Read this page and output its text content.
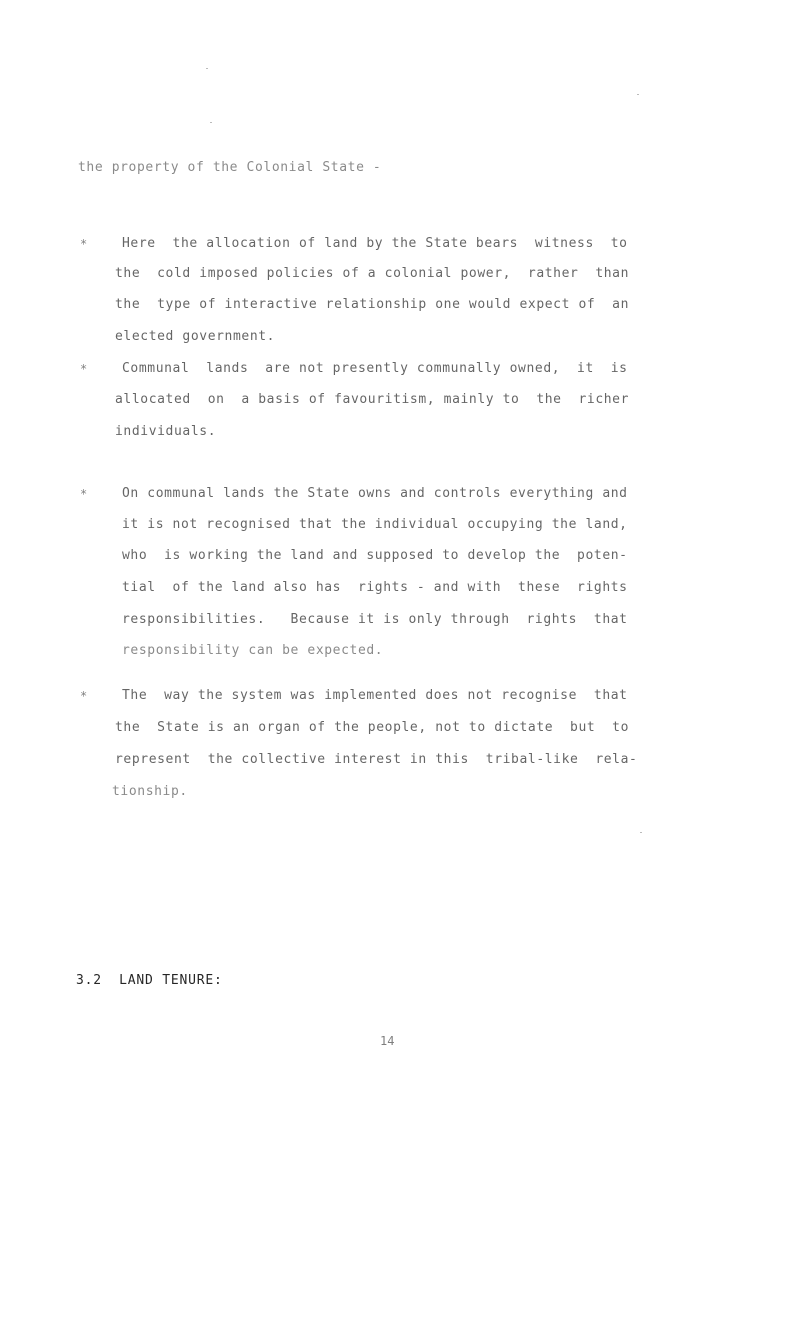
the property of the Colonial State -
*	Here  the allocation of land by the State bears  witness  to
the  cold imposed policies of a colonial power,  rather  than
the  type of interactive relationship one would expect of  an
elected government.
*	Communal  lands  are not presently communally owned,  it  is
allocated  on  a basis of favouritism, mainly to  the  richer
individuals.
*	On communal lands the State owns and controls everything and
it is not recognised that the individual occupying the land,
who  is working the land and supposed to develop the  poten-
tial  of the land also has  rights - and with  these  rights
responsibilities.   Because it is only through  rights  that
responsibility can be expected.
*	The  way the system was implemented does not recognise  that
the  State is an organ of the people, not to dictate  but  to
represent  the collective interest in this  tribal-like  rela-
tionship.
3.2  LAND TENURE:
14
